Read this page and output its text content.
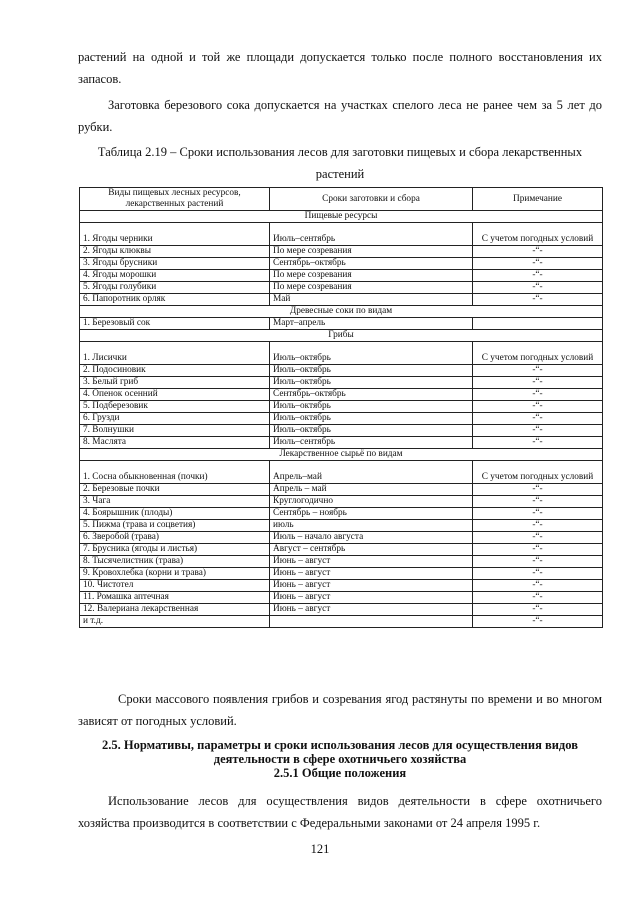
растений на одной и той же площади допускается только после полного восстановления их запасов.

Заготовка березового сока допускается на участках спелого леса не ранее чем за 5 лет до рубки.

Таблица 2.19 – Сроки использования лесов для заготовки пищевых и сбора лекарственных
растений

Виды пищевых лесных ресурсов, лекарственных растений	Сроки заготовки и сбора	Примечание
Пищевые ресурсы		
1. Ягоды черники	Июль–сентябрь	С учетом погодных условий
2. Ягоды клюквы	По мере созревания	-“-
3. Ягоды брусники	Сентябрь–октябрь	-“-
4. Ягоды морошки	По мере созревания	-“-
5. Ягоды голубики	По мере созревания	-“-
6. Папоротник орляк	Май	-“-
Древесные соки по видам		
1. Березовый сок	Март–апрель	
Грибы		
1. Лисички	Июль–октябрь	С учетом погодных условий
2. Подосиновик	Июль–октябрь	-“-
3. Белый гриб	Июль–октябрь	-“-
4. Опенок осенний	Сентябрь–октябрь	-“-
5. Подберезовик	Июль–октябрь	-“-
6. Грузди	Июль–октябрь	-“-
7. Волнушки	Июль–октябрь	-“-
8. Маслята	Июль–сентябрь	-“-
Лекарственное сырьё по видам		
1. Сосна обыкновенная (почки)	Апрель–май	С учетом погодных условий
2. Березовые почки	Апрель – май	-“-
3. Чага	Круглогодично	-“-
4. Боярышник (плоды)	Сентябрь – ноябрь	-“-
5. Пижма (трава и соцветия)	июль	-“-
6. Зверобой (трава)	Июль – начало августа	-“-
7. Брусника (ягоды и листья)	Август – сентябрь	-“-
8. Тысячелистник (трава)	Июнь – август	-“-
9. Кровохлебка (корни и трава)	Июнь – август	-“-
10. Чистотел	Июнь – август	-“-
11. Ромашка аптечная	Июнь – август	-“-
12. Валериана лекарственная	Июнь – август	-“-
и т.д.		-“-

Сроки массового появления грибов и созревания ягод растянуты по времени и во многом зависят от погодных условий.

2.5. Нормативы, параметры и сроки использования лесов для осуществления видов деятельности в сфере охотничьего хозяйства

2.5.1 Общие положения

Использование лесов для осуществления видов деятельности в сфере охотничьего хозяйства производится в соответствии с Федеральными законами от 24 апреля 1995 г.

121
